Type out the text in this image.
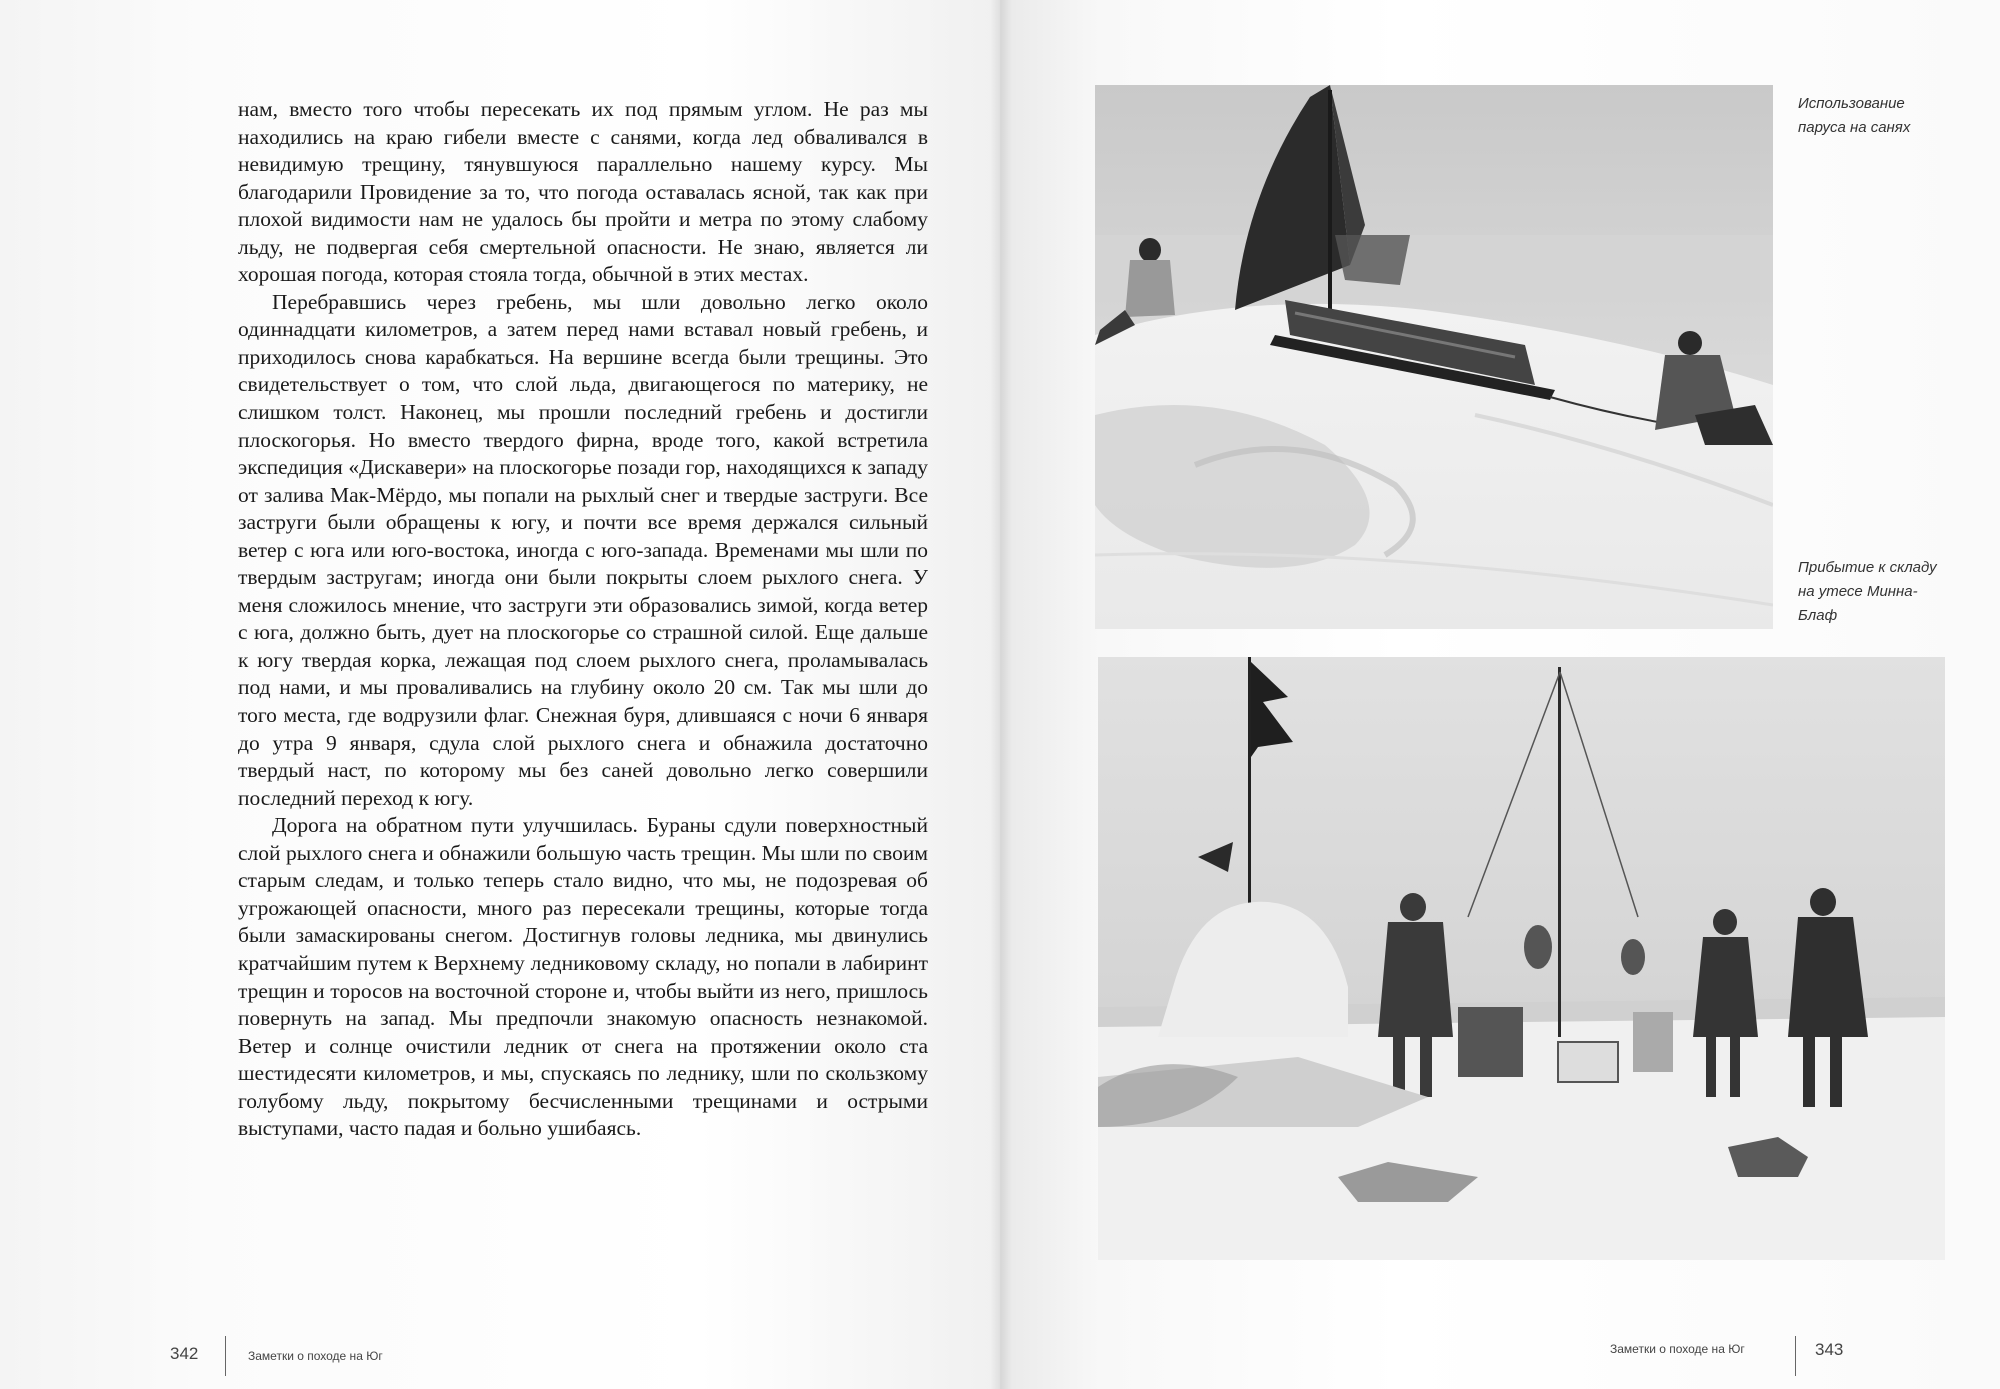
нам, вместо того чтобы пересекать их под прямым углом. Не раз мы находились на краю гибели вместе с санями, когда лед обваливался в невидимую трещину, тянувшуюся параллельно нашему курсу. Мы благодарили Провидение за то, что погода оставалась ясной, так как при плохой видимости нам не удалось бы пройти и метра по этому слабому льду, не подвергая себя смертельной опасности. Не знаю, является ли хорошая погода, которая стояла тогда, обычной в этих местах.

Перебравшись через гребень, мы шли довольно легко около одиннадцати километров, а затем перед нами вставал новый гребень, и приходилось снова карабкаться. На вершине всегда были трещины. Это свидетельствует о том, что слой льда, двигающегося по материку, не слишком толст. Наконец, мы прошли последний гребень и достигли плоскогорья. Но вместо твердого фирна, вроде того, какой встретила экспедиция «Дискавери» на плоскогорье позади гор, находящихся к западу от залива Мак-Мёрдо, мы попали на рыхлый снег и твердые заструги. Все заструги были обращены к югу, и почти все время держался сильный ветер с юга или юго-востока, иногда с юго-запада. Временами мы шли по твердым застругам; иногда они были покрыты слоем рыхлого снега. У меня сложилось мнение, что заструги эти образовались зимой, когда ветер с юга, должно быть, дует на плоскогорье со страшной силой. Еще дальше к югу твердая корка, лежащая под слоем рыхлого снега, проламывалась под нами, и мы проваливались на глубину около 20 см. Так мы шли до того места, где водрузили флаг. Снежная буря, длившаяся с ночи 6 января до утра 9 января, сдула слой рыхлого снега и обнажила достаточно твердый наст, по которому мы без саней довольно легко совершили последний переход к югу.

Дорога на обратном пути улучшилась. Бураны сдули поверхностный слой рыхлого снега и обнажили большую часть трещин. Мы шли по своим старым следам, и только теперь стало видно, что мы, не подозревая об угрожающей опасности, много раз пересекали трещины, которые тогда были замаскированы снегом. Достигнув головы ледника, мы двинулись кратчайшим путем к Верхнему ледниковому складу, но попали в лабиринт трещин и торосов на восточной стороне и, чтобы выйти из него, пришлось повернуть на запад. Мы предпочли знакомую опасность незнакомой. Ветер и солнце очистили ледник от снега на протяжении около ста шестидесяти километров, и мы, спускаясь по леднику, шли по скользкому голубому льду, покрытому бесчисленными трещинами и острыми выступами, часто падая и больно ушибаясь.

Использование
паруса на санях
Прибытие к складу
на утесе Минна-
Блаф
342	Заметки о походе на Юг	Заметки о походе на Юг	343
